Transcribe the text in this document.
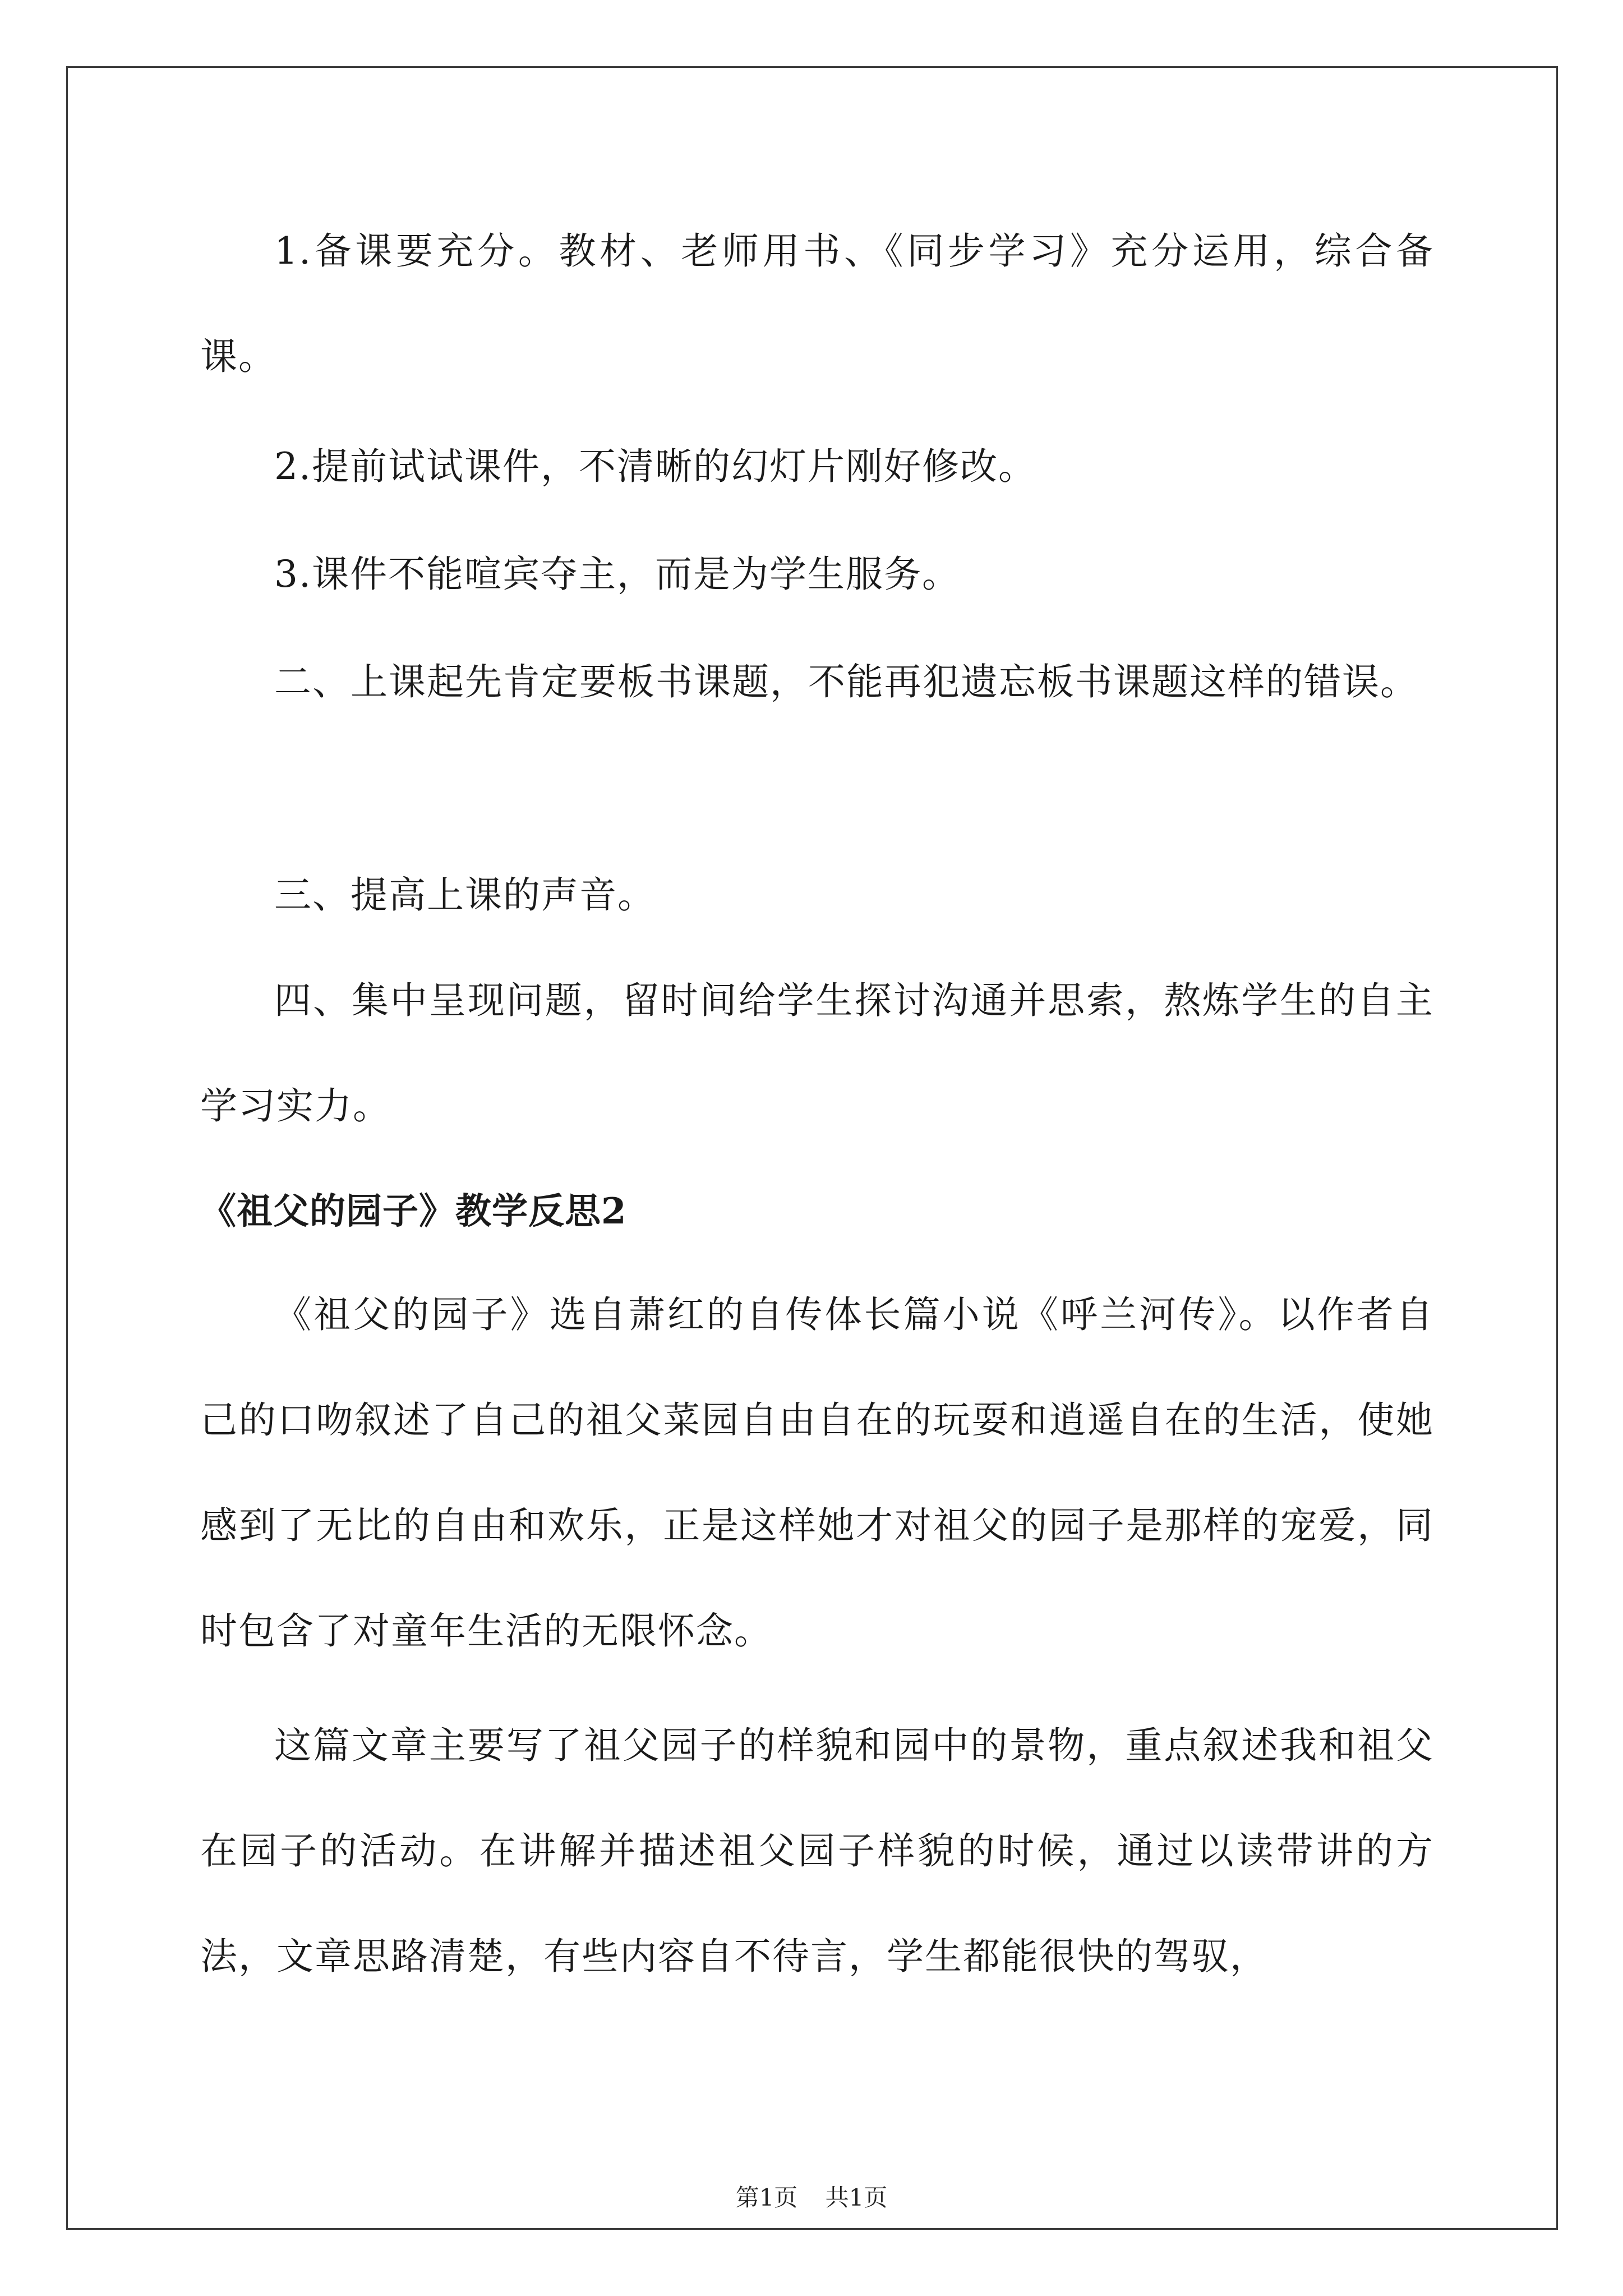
1.备课要充分。教材、老师用书、《同步学习》充分运用，综合备课。

2.提前试试课件，不清晰的幻灯片刚好修改。

3.课件不能喧宾夺主，而是为学生服务。

二、上课起先肯定要板书课题，不能再犯遗忘板书课题这样的错误。

三、提高上课的声音。

四、集中呈现问题，留时间给学生探讨沟通并思索，熬炼学生的自主学习实力。

《祖父的园子》教学反思2

《祖父的园子》选自萧红的自传体长篇小说《呼兰河传》。以作者自己的口吻叙述了自己的祖父菜园自由自在的玩耍和逍遥自在的生活，使她感到了无比的自由和欢乐，正是这样她才对祖父的园子是那样的宠爱，同时包含了对童年生活的无限怀念。

这篇文章主要写了祖父园子的样貌和园中的景物，重点叙述我和祖父在园子的活动。在讲解并描述祖父园子样貌的时候，通过以读带讲的方法，文章思路清楚，有些内容自不待言，学生都能很快的驾驭，

第1页 共1页
